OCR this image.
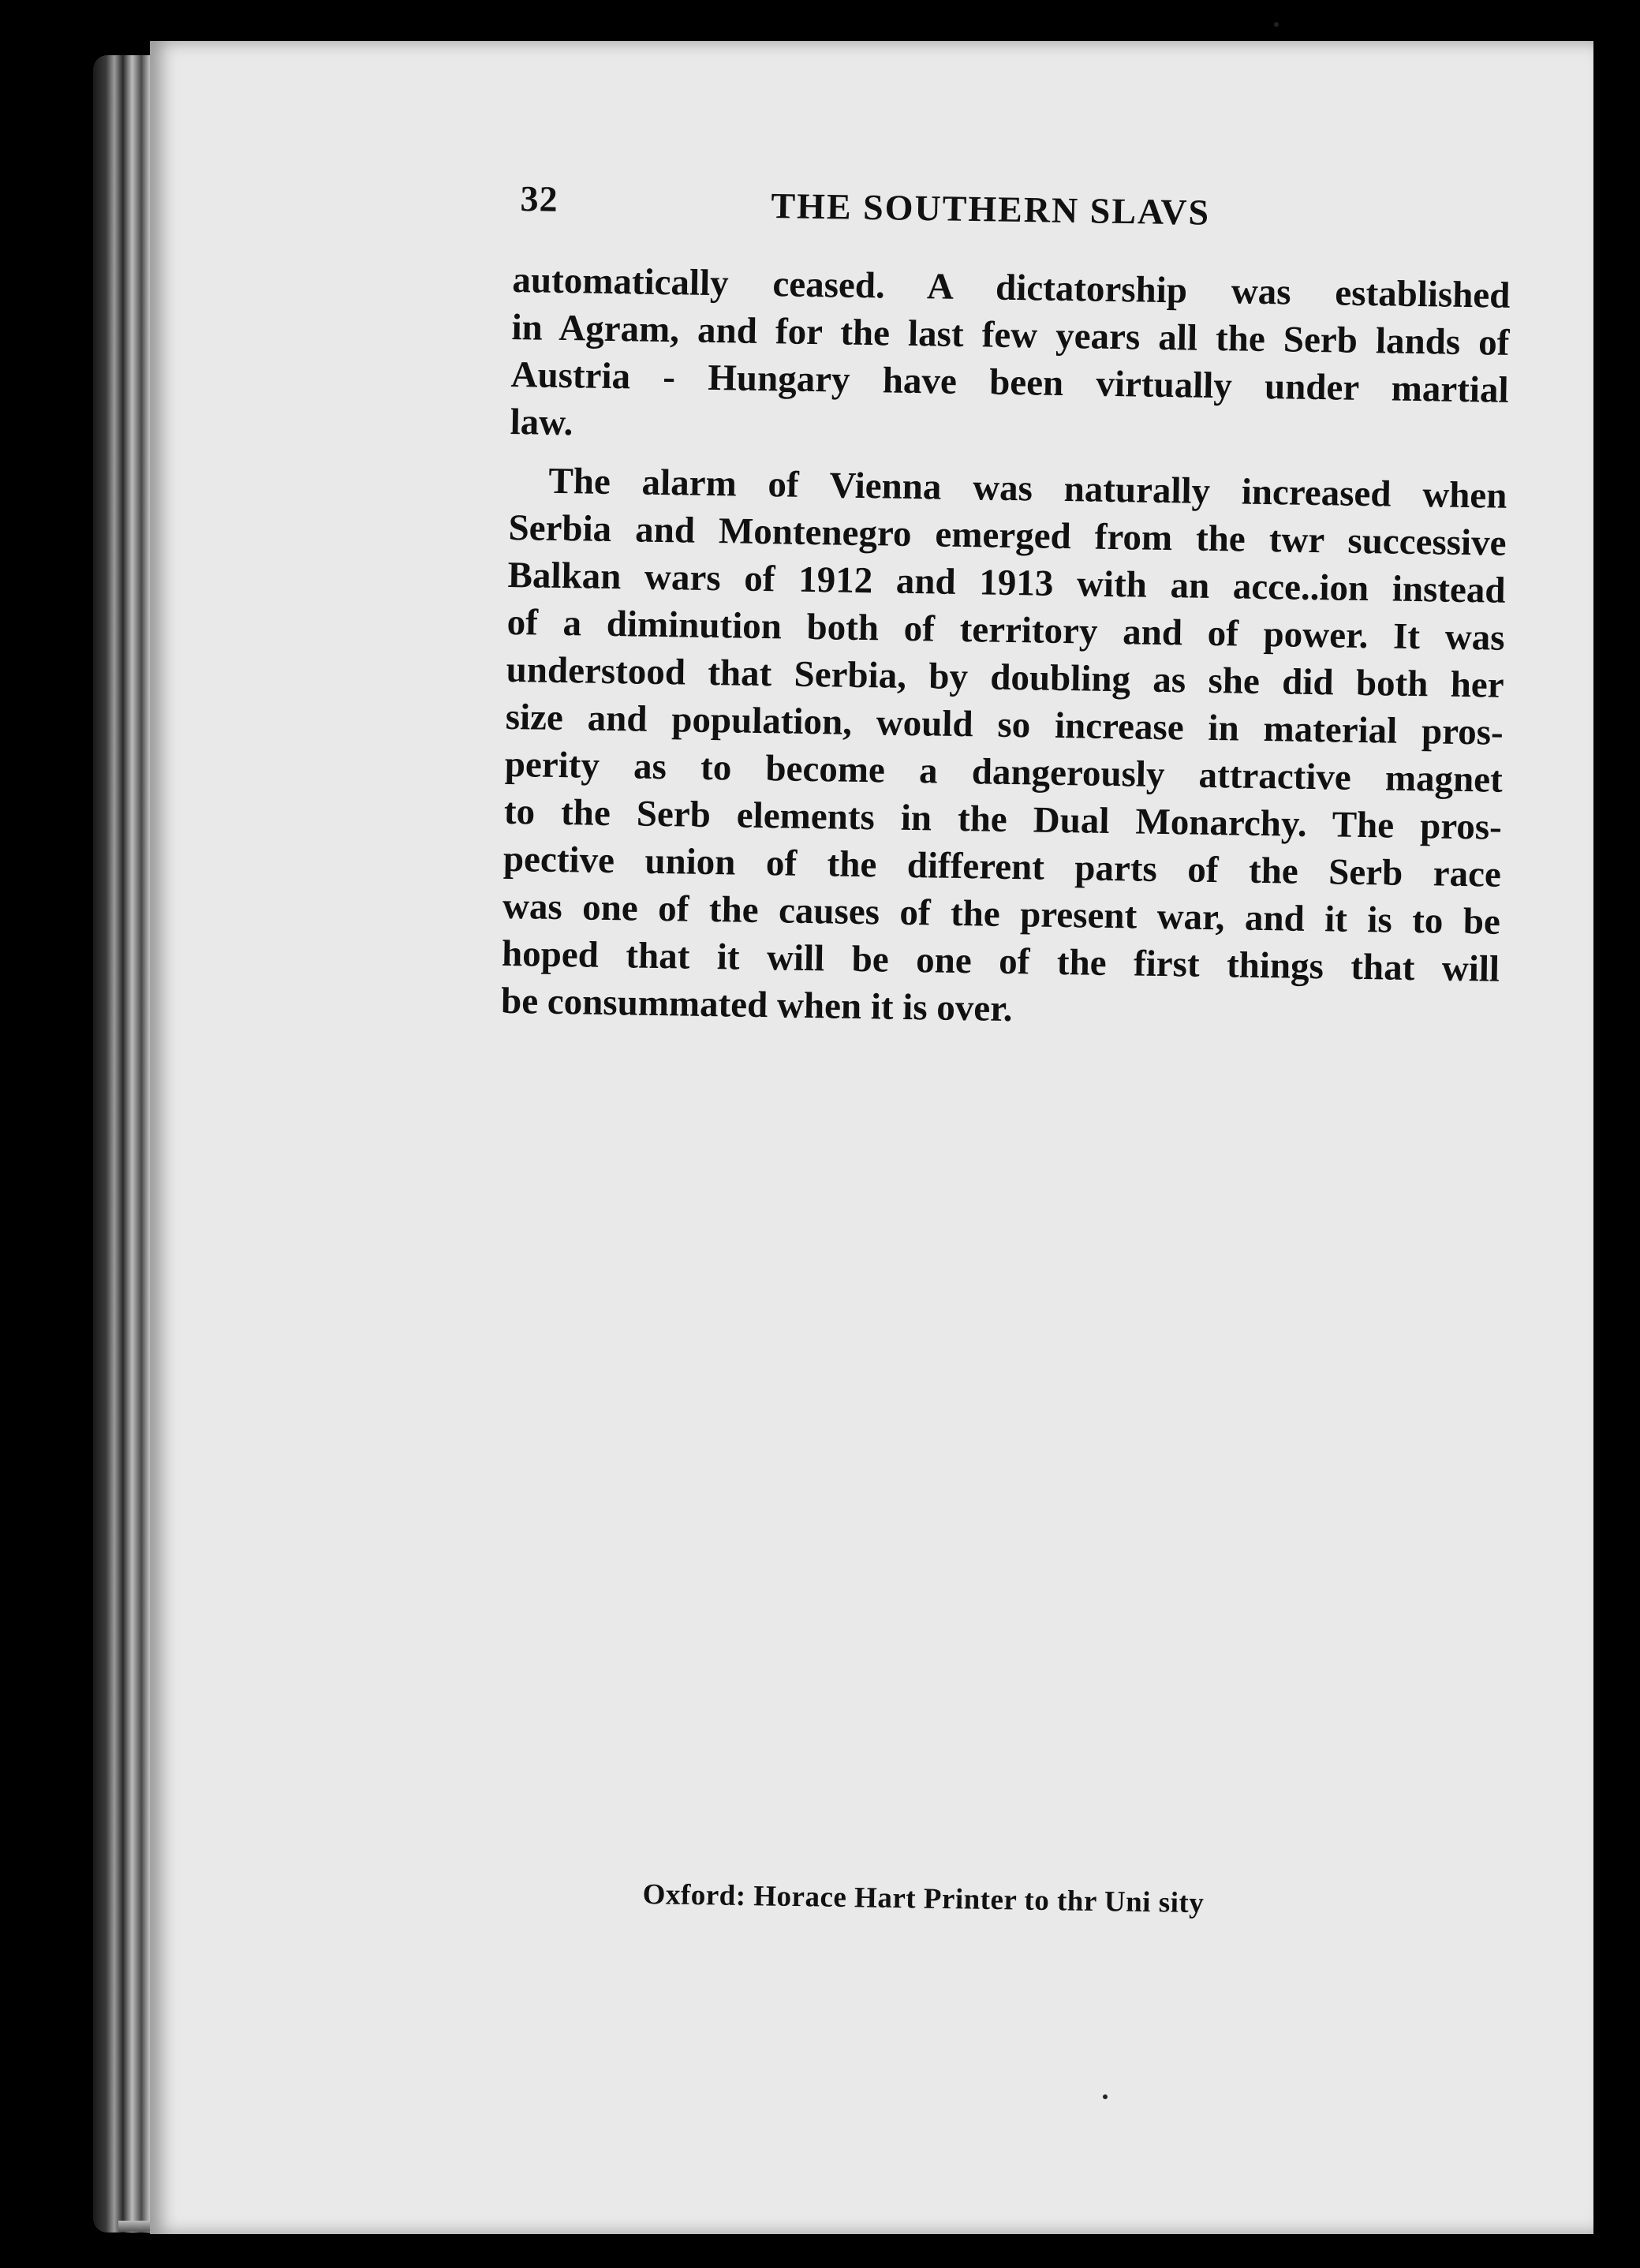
32	THE SOUTHERN SLAVS
automatically ceased. A dictatorship was established
in Agram, and for the last few years all the Serb lands of
Austria - Hungary have been virtually under martial
law.
The alarm of Vienna was naturally increased when
Serbia and Montenegro emerged from the twr successive
Balkan wars of 1912 and 1913 with an acce..ion instead
of a diminution both of territory and of power. It was
understood that Serbia, by doubling as she did both her
size and population, would so increase in material pros-
perity as to become a dangerously attractive magnet
to the Serb elements in the Dual Monarchy. The pros-
pective union of the different parts of the Serb race
was one of the causes of the present war, and it is to be
hoped that it will be one of the first things that will
be consummated when it is over.
Oxford: Horace Hart Printer to thr Uni sity
